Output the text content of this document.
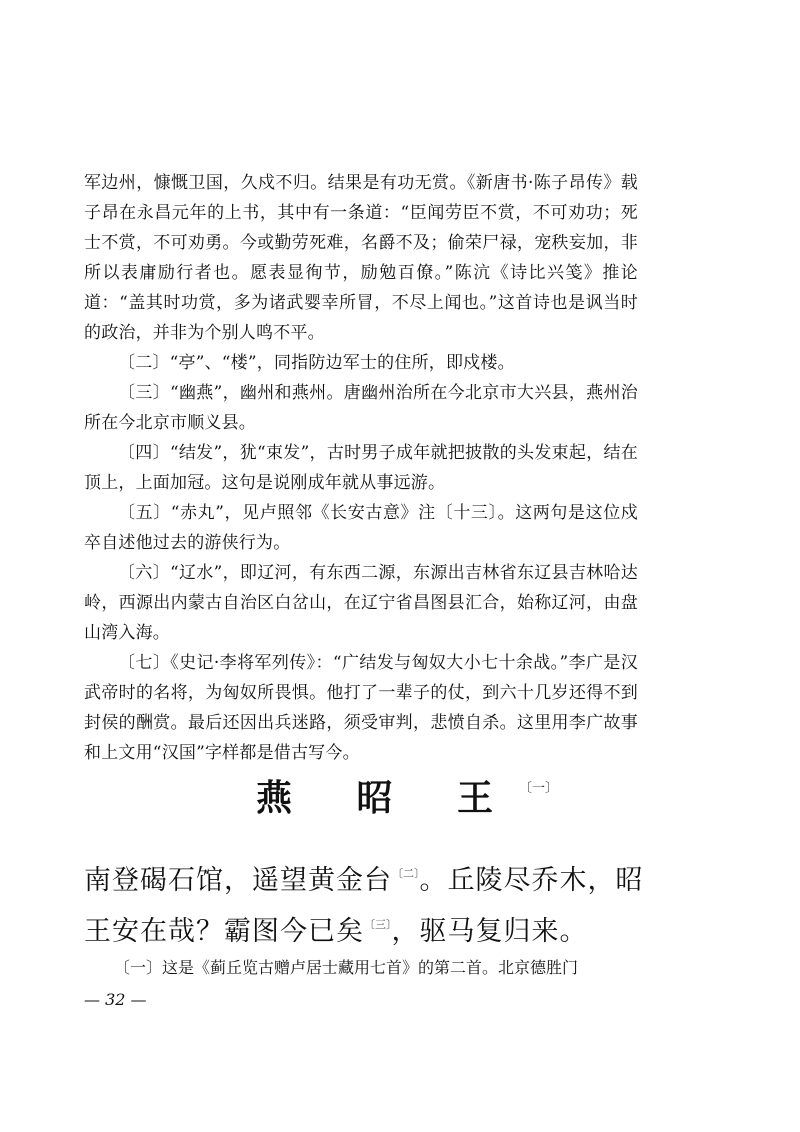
军边州，慷慨卫国，久戍不归。结果是有功无赏。《新唐书·陈子昂传》载子昂在永昌元年的上书，其中有一条道：“臣闻劳臣不赏，不可劝功；死士不赏，不可劝勇。今或勤劳死难，名爵不及；偷荣尸禄，宠秩妄加，非所以表庸励行者也。愿表显徇节，励勉百僚。”陈沆《诗比兴笺》推论道：“盖其时功赏，多为诸武婴幸所冒，不尽上闻也。”这首诗也是讽当时的政治，并非为个别人鸣不平。

〔二〕“亭”、“楼”，同指防边军士的住所，即戍楼。

〔三〕“幽燕”，幽州和燕州。唐幽州治所在今北京市大兴县，燕州治所在今北京市顺义县。

〔四〕“结发”，犹“束发”，古时男子成年就把披散的头发束起，结在顶上，上面加冠。这句是说刚成年就从事远游。

〔五〕“赤丸”，见卢照邻《长安古意》注〔十三〕。这两句是这位戍卒自述他过去的游侠行为。

〔六〕“辽水”，即辽河，有东西二源，东源出吉林省东辽县吉林哈达岭，西源出内蒙古自治区白岔山，在辽宁省昌图县汇合，始称辽河，由盘山湾入海。

〔七〕《史记·李将军列传》：“广结发与匈奴大小七十余战。”李广是汉武帝时的名将，为匈奴所畏惧。他打了一辈子的仗，到六十几岁还得不到封侯的酬赏。最后还因出兵迷路，须受审判，悲愤自杀。这里用李广故事和上文用“汉国”字样都是借古写今。

燕 昭 王$^{〔一〕}$

南登碣石馆，遥望黄金台$^{〔二〕}$。丘陵尽乔木，昭王安在哉？霸图今已矣$^{〔三〕}$，驱马复归来。

〔一〕这是《蓟丘览古赠卢居士藏用七首》的第二首。北京德胜门

— 32 —
